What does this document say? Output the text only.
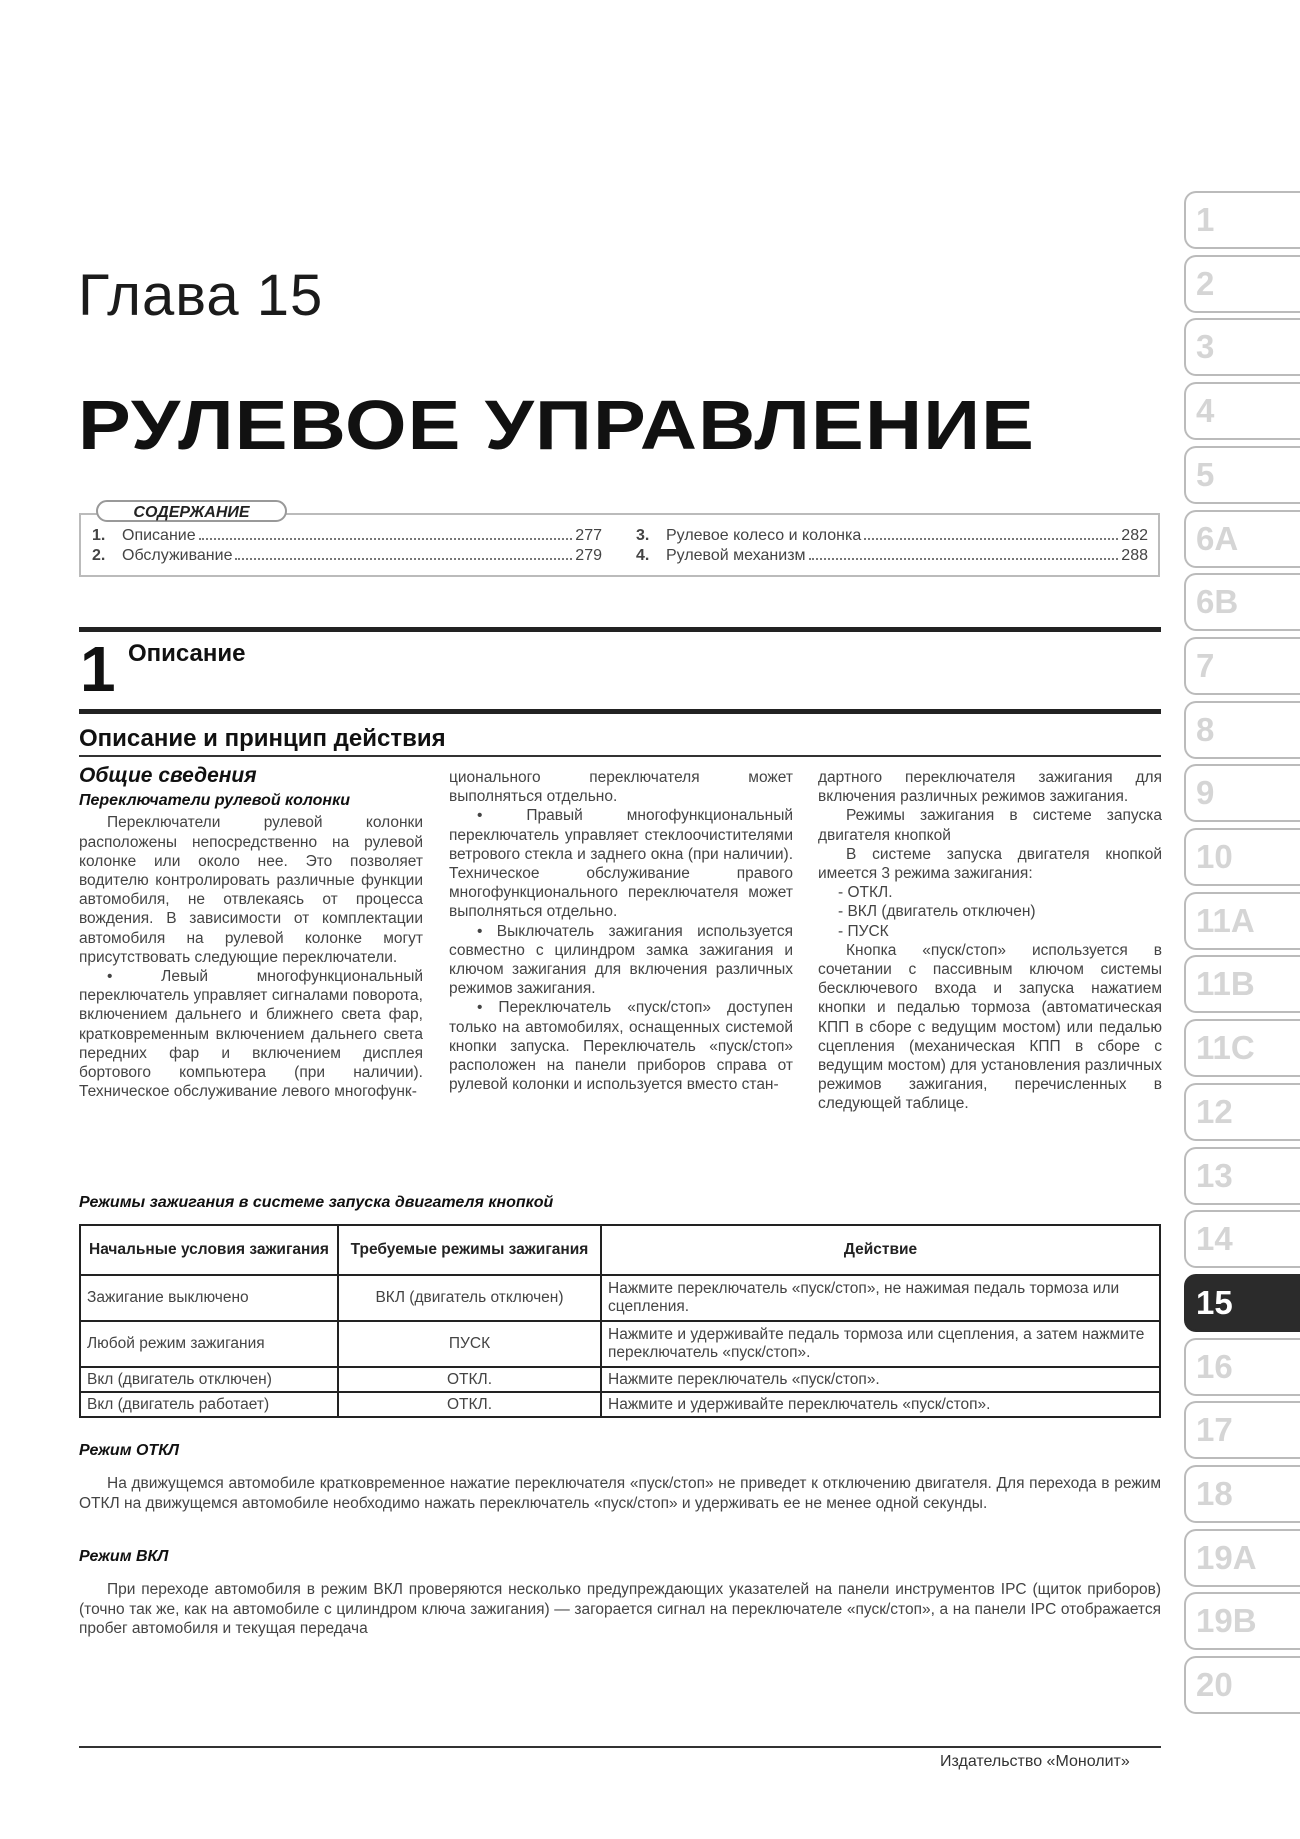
Глава 15
РУЛЕВОЕ УПРАВЛЕНИЕ
СОДЕРЖАНИЕ
1.	Описание	277
2.	Обслуживание	279
3.	Рулевое колесо и колонка	282
4.	Рулевой механизм	288
1 Описание
Описание и принцип действия
Общие сведения
Переключатели рулевой колонки

Переключатели рулевой колонки расположены непосредственно на рулевой колонке или около нее. Это позволяет водителю контролировать различные функции автомобиля, не отвлекаясь от процесса вождения. В зависимости от комплектации автомобиля на рулевой колонке могут присутствовать следующие переключатели.

• Левый многофункциональный переключатель управляет сигналами поворота, включением дальнего и ближнего света фар, кратковременным включением дальнего света передних фар и включением дисплея бортового компьютера (при наличии). Техническое обслуживание левого многофунк-

ционального переключателя может выполняться отдельно.

• Правый многофункциональный переключатель управляет стеклоочистителями ветрового стекла и заднего окна (при наличии). Техническое обслуживание правого многофункционального переключателя может выполняться отдельно.

• Выключатель зажигания используется совместно с цилиндром замка зажигания и ключом зажигания для включения различных режимов зажигания.

• Переключатель «пуск/стоп» доступен только на автомобилях, оснащенных системой кнопки запуска. Переключатель «пуск/стоп» расположен на панели приборов справа от рулевой колонки и используется вместо стан-

дартного переключателя зажигания для включения различных режимов зажигания.

Режимы зажигания в системе запуска двигателя кнопкой

В системе запуска двигателя кнопкой имеется 3 режима зажигания:

- ОТКЛ.
- ВКЛ (двигатель отключен)
- ПУСК

Кнопка «пуск/стоп» используется в сочетании с пассивным ключом системы бесключевого входа и запуска нажатием кнопки и педалью тормоза (автоматическая КПП в сборе с ведущим мостом) или педалью сцепления (механическая КПП в сборе с ведущим мостом) для установления различных режимов зажигания, перечисленных в следующей таблице.

Режимы зажигания в системе запуска двигателя кнопкой
Начальные условия зажигания	Требуемые режимы зажигания	Действие
Зажигание выключено	ВКЛ (двигатель отключен)	Нажмите переключатель «пуск/стоп», не нажимая педаль тормоза или сцепления.
Любой режим зажигания	ПУСК	Нажмите и удерживайте педаль тормоза или сцепления, а затем нажмите переключатель «пуск/стоп».
Вкл (двигатель отключен)	ОТКЛ.	Нажмите переключатель «пуск/стоп».
Вкл (двигатель работает)	ОТКЛ.	Нажмите и удерживайте переключатель «пуск/стоп».
Режим ОТКЛ

На движущемся автомобиле кратковременное нажатие переключателя «пуск/стоп» не приведет к отключению двигателя. Для перехода в режим ОТКЛ на движущемся автомобиле необходимо нажать переключатель «пуск/стоп» и удерживать ее не менее одной секунды.

Режим ВКЛ

При переходе автомобиля в режим ВКЛ проверяются несколько предупреждающих указателей на панели инструментов IPC (щиток приборов) (точно так же, как на автомобиле с цилиндром ключа зажигания) — загорается сигнал на переключателе «пуск/стоп», а на панели IPC отображается пробег автомобиля и текущая передача

Издательство «Монолит»
1
2
3
4
5
6A
6B
7
8
9
10
11A
11B
11C
12
13
14
15
16
17
18
19A
19B
20
